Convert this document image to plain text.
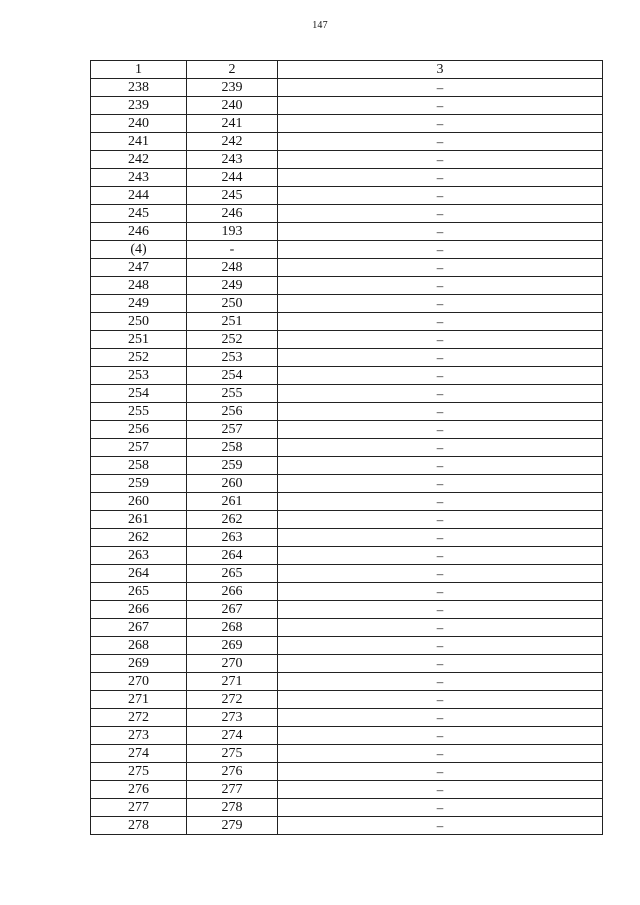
147
1	2	3
238	239	–
239	240	–
240	241	–
241	242	–
242	243	–
243	244	–
244	245	–
245	246	–
246	193	–
(4)	-	–
247	248	–
248	249	–
249	250	–
250	251	–
251	252	–
252	253	–
253	254	–
254	255	–
255	256	–
256	257	–
257	258	–
258	259	–
259	260	–
260	261	–
261	262	–
262	263	–
263	264	–
264	265	–
265	266	–
266	267	–
267	268	–
268	269	–
269	270	–
270	271	–
271	272	–
272	273	–
273	274	–
274	275	–
275	276	–
276	277	–
277	278	–
278	279	–
